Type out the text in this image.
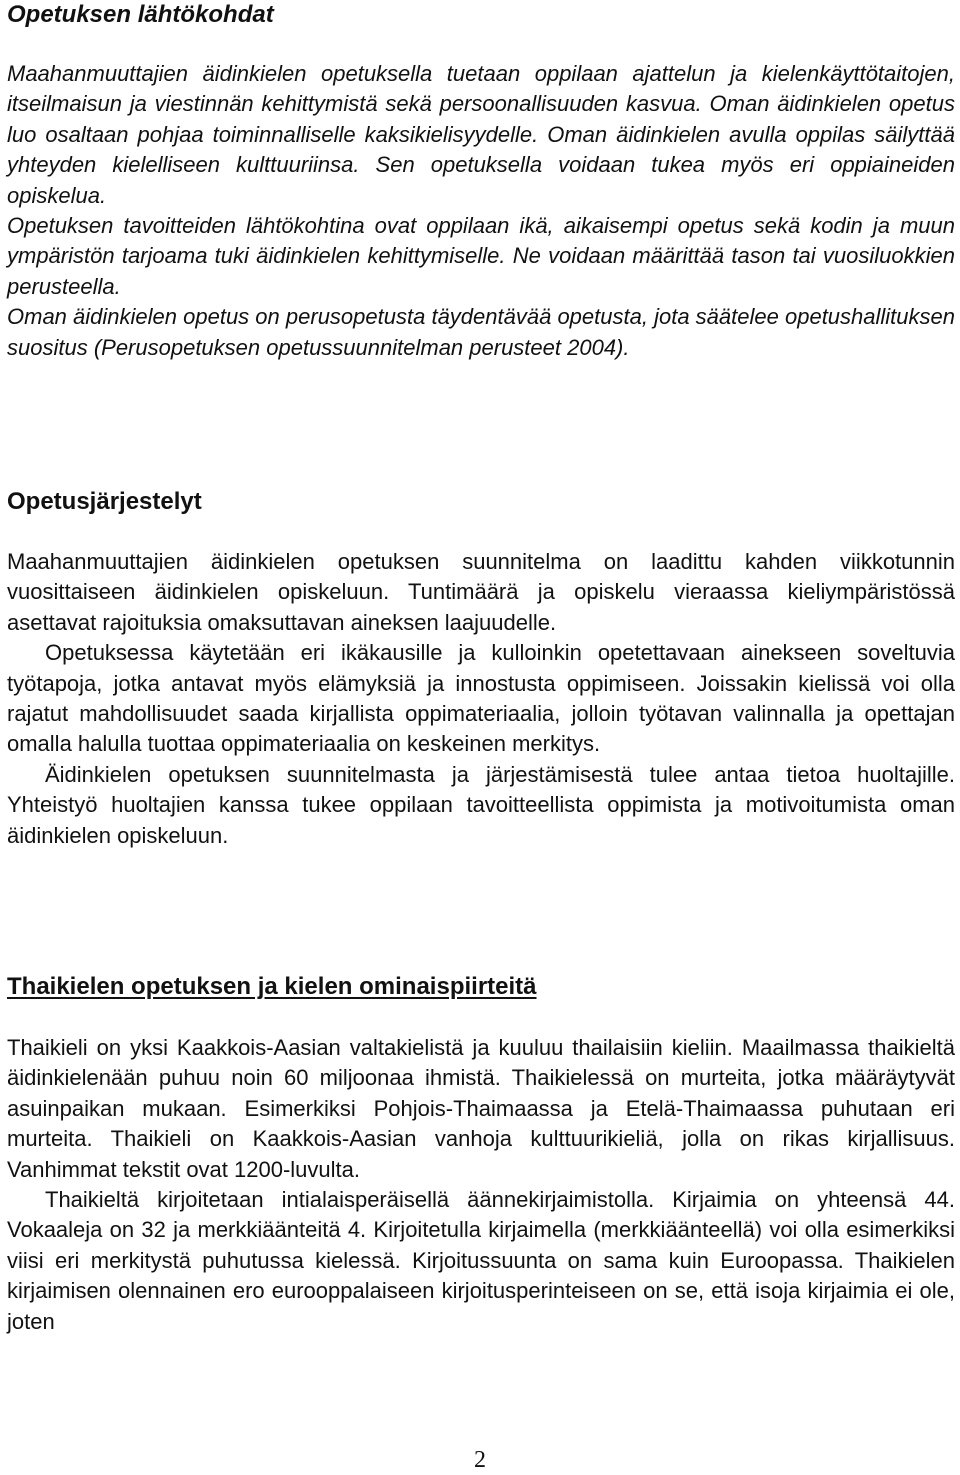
Opetuksen lähtökohdat

Maahanmuuttajien äidinkielen opetuksella tuetaan oppilaan ajattelun ja kielenkäyttötaitojen, itseilmaisun ja viestinnän kehittymistä sekä persoonallisuuden kasvua. Oman äidinkielen opetus luo osaltaan pohjaa toiminnalliselle kaksikielisyydelle. Oman äidinkielen avulla oppilas säilyttää yhteyden kielelliseen kulttuuriinsa. Sen opetuksella voidaan tukea myös eri oppiaineiden opiskelua.

Opetuksen tavoitteiden lähtökohtina ovat oppilaan ikä, aikaisempi opetus sekä kodin ja muun ympäristön tarjoama tuki äidinkielen kehittymiselle. Ne voidaan määrittää tason tai vuosiluokkien perusteella.

Oman äidinkielen opetus on perusopetusta täydentävää opetusta, jota säätelee opetushallituksen suositus (Perusopetuksen opetussuunnitelman perusteet 2004).

Opetusjärjestelyt

Maahanmuuttajien äidinkielen opetuksen suunnitelma on laadittu kahden viikkotunnin vuosittaiseen äidinkielen opiskeluun. Tuntimäärä ja opiskelu vieraassa kieliympäristössä asettavat rajoituksia omaksuttavan aineksen laajuudelle.

Opetuksessa käytetään eri ikäkausille ja kulloinkin opetettavaan ainekseen soveltuvia työtapoja, jotka antavat myös elämyksiä ja innostusta oppimiseen. Joissakin kielissä voi olla rajatut mahdollisuudet saada kirjallista oppimateriaalia, jolloin työtavan valinnalla ja opettajan omalla halulla tuottaa oppimateriaalia on keskeinen merkitys.

Äidinkielen opetuksen suunnitelmasta ja järjestämisestä tulee antaa tietoa huoltajille. Yhteistyö huoltajien kanssa tukee oppilaan tavoitteellista oppimista ja motivoitumista oman äidinkielen opiskeluun.

Thaikielen opetuksen ja kielen ominaispiirteitä

Thaikieli on yksi Kaakkois-Aasian valtakielistä ja kuuluu thailaisiin kieliin. Maailmassa thaikieltä äidinkielenään puhuu noin 60 miljoonaa ihmistä. Thaikielessä on murteita, jotka määräytyvät asuinpaikan mukaan. Esimerkiksi Pohjois-Thaimaassa ja Etelä-Thaimaassa puhutaan eri murteita. Thaikieli on Kaakkois-Aasian vanhoja kulttuurikieliä, jolla on rikas kirjallisuus. Vanhimmat tekstit ovat 1200-luvulta.

Thaikieltä kirjoitetaan intialaisperäisellä äännekirjaimistolla. Kirjaimia on yhteensä 44. Vokaaleja on 32 ja merkkiäänteitä 4. Kirjoitetulla kirjaimella (merkkiäänteellä) voi olla esimerkiksi viisi eri merkitystä puhutussa kielessä. Kirjoitussuunta on sama kuin Euroopassa. Thaikielen kirjaimisen olennainen ero eurooppalaiseen kirjoitusperinteiseen on se, että isoja kirjaimia ei ole, joten

2
